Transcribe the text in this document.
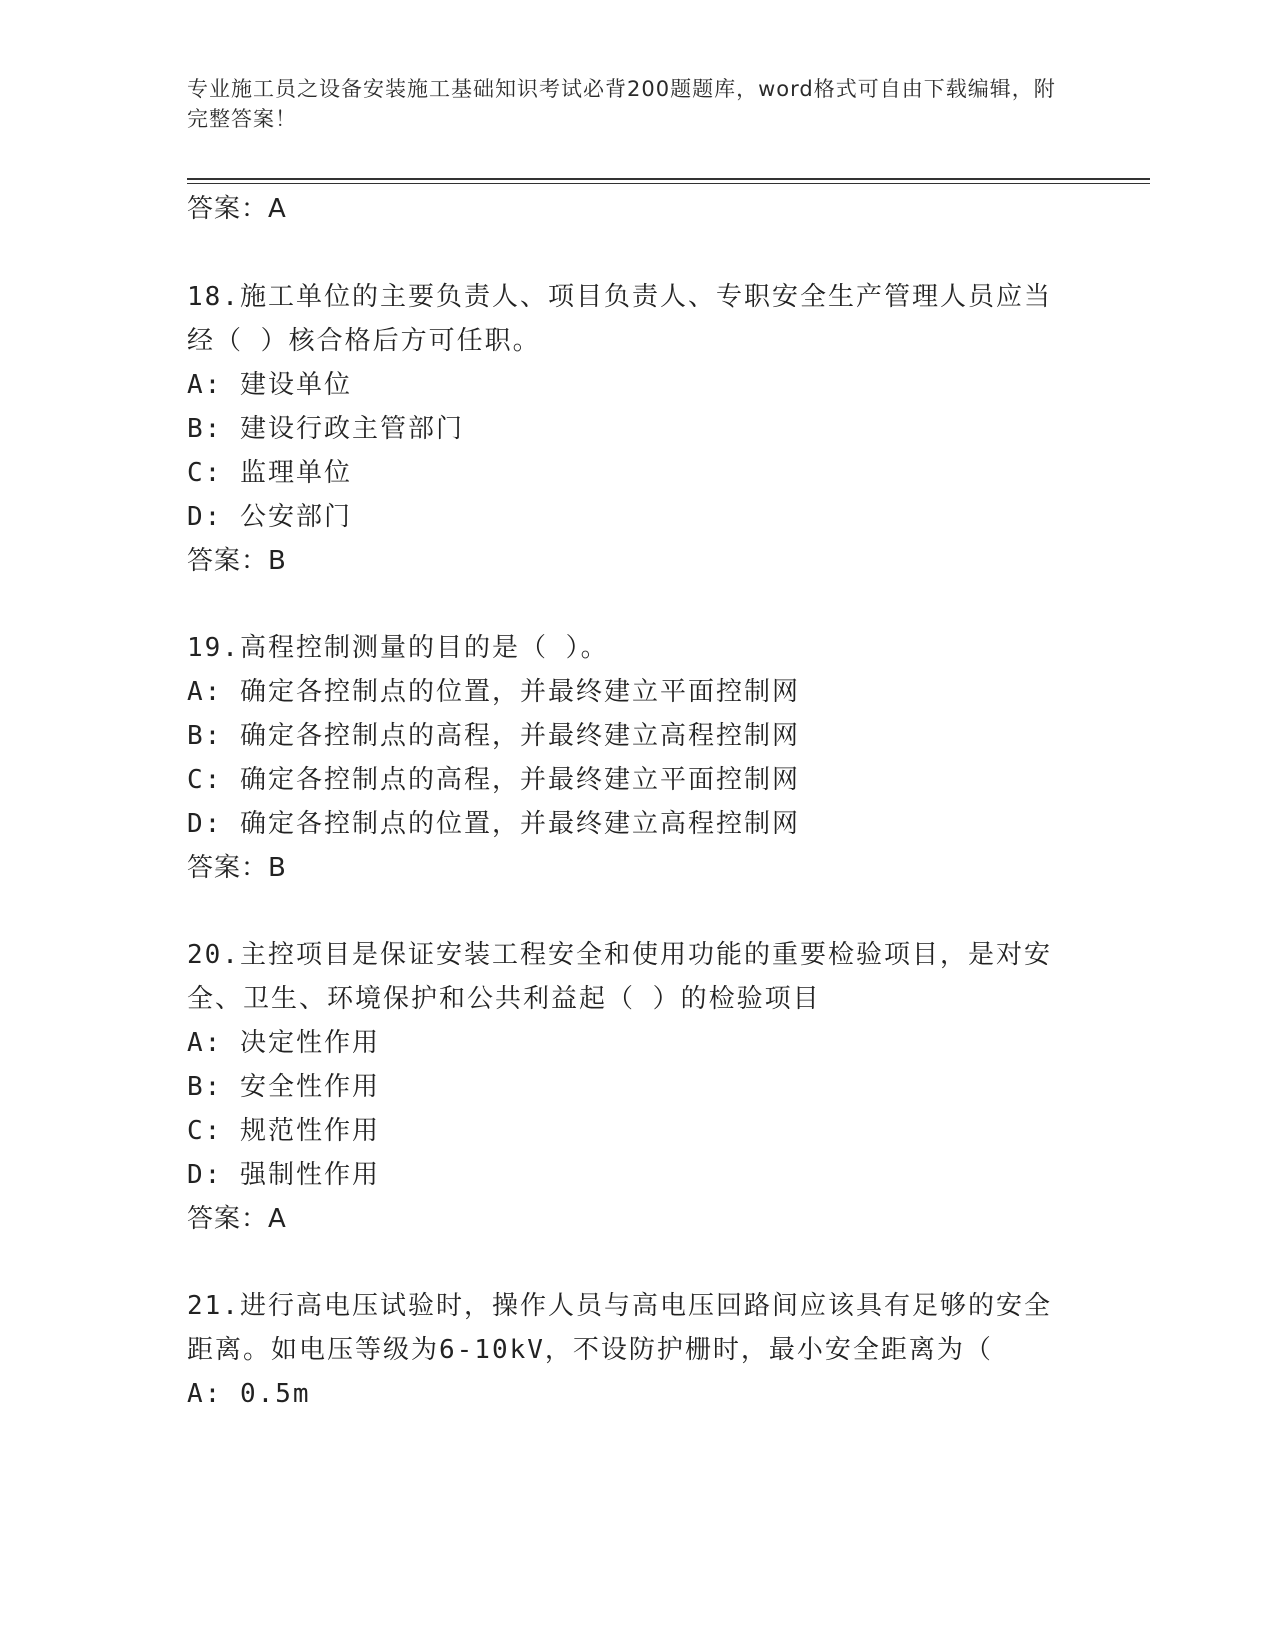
专业施工员之设备安装施工基础知识考试必背200题题库，word格式可自由下载编辑，附完整答案！
答案：A
18.施工单位的主要负责人、项目负责人、专职安全生产管理人员应当
经（ ）核合格后方可任职。
A: 建设单位
B: 建设行政主管部门
C: 监理单位
D: 公安部门
答案：B
19.高程控制测量的目的是（ ）。
A: 确定各控制点的位置，并最终建立平面控制网
B: 确定各控制点的高程，并最终建立高程控制网
C: 确定各控制点的高程，并最终建立平面控制网
D: 确定各控制点的位置，并最终建立高程控制网
答案：B
20.主控项目是保证安装工程安全和使用功能的重要检验项目，是对安
全、卫生、环境保护和公共利益起（ ）的检验项目
A: 决定性作用
B: 安全性作用
C: 规范性作用
D: 强制性作用
答案：A
21.进行高电压试验时，操作人员与高电压回路间应该具有足够的安全
距离。如电压等级为6-10kV，不设防护栅时，最小安全距离为（
A: 0.5m
